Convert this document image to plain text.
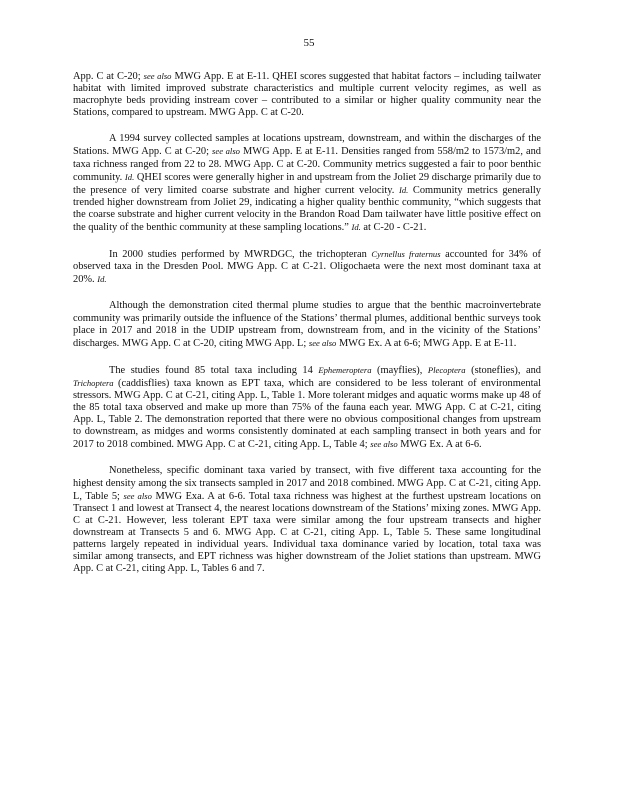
55

App. C at C-20; see also MWG App. E at E-11. QHEI scores suggested that habitat factors – including tailwater habitat with limited improved substrate characteristics and multiple current velocity regimes, as well as macrophyte beds providing instream cover – contributed to a similar or higher quality community near the Stations, compared to upstream. MWG App. C at C-20.

A 1994 survey collected samples at locations upstream, downstream, and within the discharges of the Stations. MWG App. C at C-20; see also MWG App. E at E-11. Densities ranged from 558/m2 to 1573/m2, and taxa richness ranged from 22 to 28. MWG App. C at C-20. Community metrics suggested a fair to poor benthic community. Id. QHEI scores were generally higher in and upstream from the Joliet 29 discharge primarily due to the presence of very limited coarse substrate and higher current velocity. Id. Community metrics generally trended higher downstream from Joliet 29, indicating a higher quality benthic community, “which suggests that the coarse substrate and higher current velocity in the Brandon Road Dam tailwater have little positive effect on the quality of the benthic community at these sampling locations.” Id. at C-20 - C-21.

In 2000 studies performed by MWRDGC, the trichopteran Cyrnellus fraternus accounted for 34% of observed taxa in the Dresden Pool. MWG App. C at C-21. Oligochaeta were the next most dominant taxa at 20%. Id.

Although the demonstration cited thermal plume studies to argue that the benthic macroinvertebrate community was primarily outside the influence of the Stations’ thermal plumes, additional benthic surveys took place in 2017 and 2018 in the UDIP upstream from, downstream from, and in the vicinity of the Stations’ discharges. MWG App. C at C-20, citing MWG App. L; see also MWG Ex. A at 6-6; MWG App. E at E-11.

The studies found 85 total taxa including 14 Ephemeroptera (mayflies), Plecoptera (stoneflies), and Trichoptera (caddisflies) taxa known as EPT taxa, which are considered to be less tolerant of environmental stressors. MWG App. C at C-21, citing App. L, Table 1. More tolerant midges and aquatic worms make up 48 of the 85 total taxa observed and make up more than 75% of the fauna each year. MWG App. C at C-21, citing App. L, Table 2. The demonstration reported that there were no obvious compositional changes from upstream to downstream, as midges and worms consistently dominated at each sampling transect in both years and for 2017 to 2018 combined. MWG App. C at C-21, citing App. L, Table 4; see also MWG Ex. A at 6-6.

Nonetheless, specific dominant taxa varied by transect, with five different taxa accounting for the highest density among the six transects sampled in 2017 and 2018 combined. MWG App. C at C-21, citing App. L, Table 5; see also MWG Exa. A at 6-6. Total taxa richness was highest at the furthest upstream locations on Transect 1 and lowest at Transect 4, the nearest locations downstream of the Stations’ mixing zones. MWG App. C at C-21. However, less tolerant EPT taxa were similar among the four upstream transects and higher downstream at Transects 5 and 6. MWG App. C at C-21, citing App. L, Table 5. These same longitudinal patterns largely repeated in individual years. Individual taxa dominance varied by location, total taxa was similar among transects, and EPT richness was higher downstream of the Joliet stations than upstream. MWG App. C at C-21, citing App. L, Tables 6 and 7.
